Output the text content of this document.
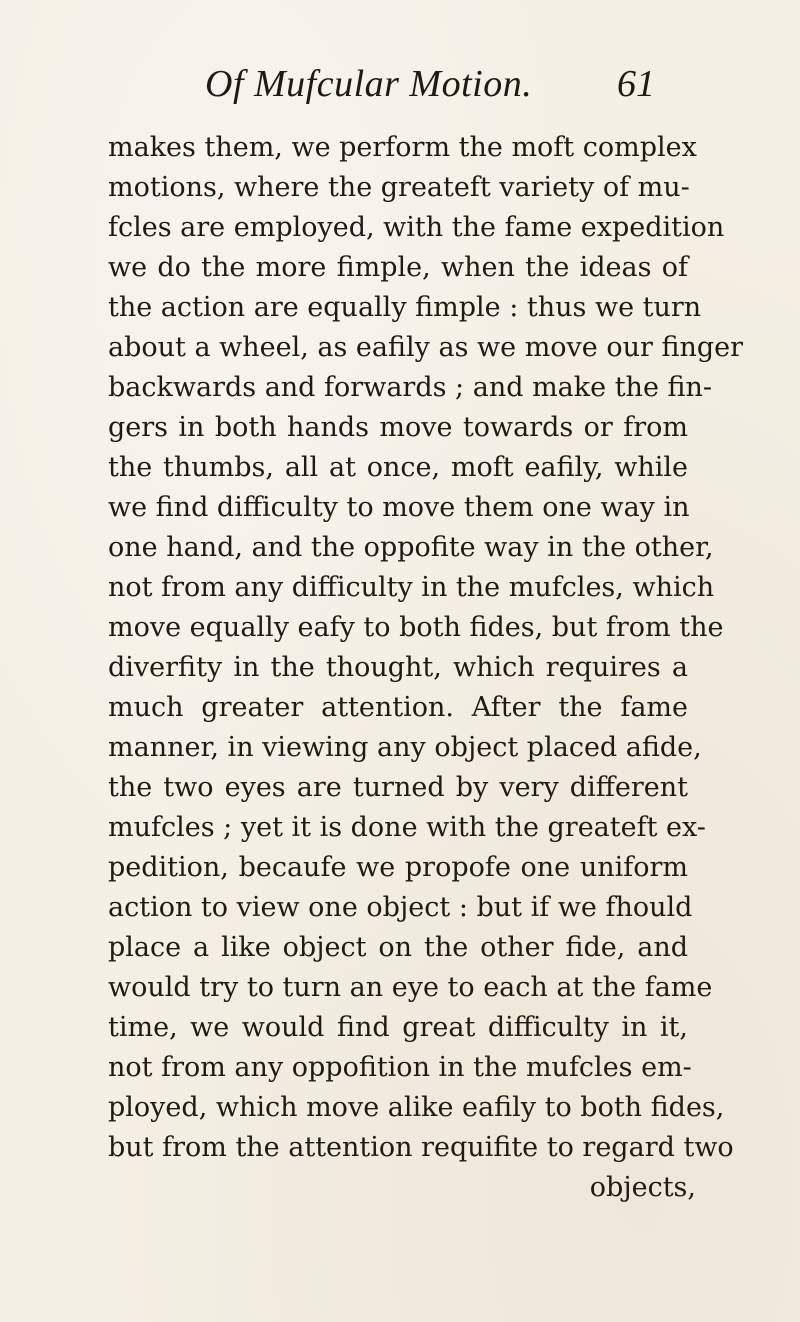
Of Mufcular Motion. 61
makes them, we perform the moft complex
motions, where the greateft variety of mu-
fcles are employed, with the fame expedition
we do the more fimple, when the ideas of
the action are equally fimple : thus we turn
about a wheel, as eafily as we move our finger
backwards and forwards ; and make the fin-
gers in both hands move towards or from
the thumbs, all at once, moft eafily, while
we find difficulty to move them one way in
one hand, and the oppofite way in the other,
not from any difficulty in the mufcles, which
move equally eafy to both fides, but from the
diverfity in the thought, which requires a
much greater attention. After the fame
manner, in viewing any object placed afide,
the two eyes are turned by very different
mufcles ; yet it is done with the greateft ex-
pedition, becaufe we propofe one uniform
action to view one object : but if we fhould
place a like object on the other fide, and
would try to turn an eye to each at the fame
time, we would find great difficulty in it,
not from any oppofition in the mufcles em-
ployed, which move alike eafily to both fides,
but from the attention requifite to regard two
objects,
